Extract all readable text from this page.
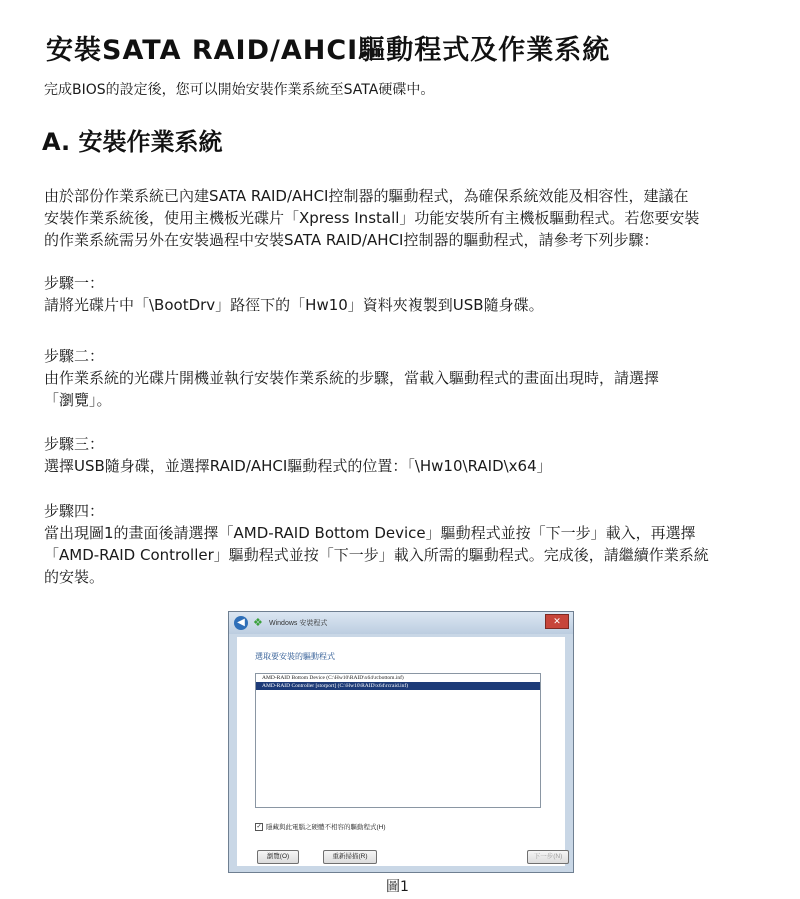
安裝SATA RAID/AHCI驅動程式及作業系統
完成BIOS的設定後，您可以開始安裝作業系統至SATA硬碟中。
A. 安裝作業系統
由於部份作業系統已內建SATA RAID/AHCI控制器的驅動程式，為確保系統效能及相容性，建議在
安裝作業系統後，使用主機板光碟片「Xpress Install」功能安裝所有主機板驅動程式。若您要安裝
的作業系統需另外在安裝過程中安裝SATA RAID/AHCI控制器的驅動程式，請參考下列步驟：
步驟一：
請將光碟片中「\BootDrv」路徑下的「Hw10」資料夾複製到USB隨身碟。
步驟二：
由作業系統的光碟片開機並執行安裝作業系統的步驟，當載入驅動程式的畫面出現時，請選擇
「瀏覽」。
步驟三：
選擇USB隨身碟，並選擇RAID/AHCI驅動程式的位置：「\Hw10\RAID\x64」
步驟四：
當出現圖1的畫面後請選擇「AMD-RAID Bottom Device」驅動程式並按「下一步」載入，再選擇
「AMD-RAID Controller」驅動程式並按「下一步」載入所需的驅動程式。完成後，請繼續作業系統
的安裝。
◀ ❖ Windows 安裝程式	✕
選取要安裝的驅動程式
AMD-RAID Bottom Device (C:\Hw10\RAID\x64\rcbottom.inf)
AMD-RAID Controller [storport] (C:\Hw10\RAID\x64\rcraid.inf)
✓ 隱藏與此電腦之硬體不相容的驅動程式(H)
瀏覽(O)	重新掃描(R)	下一步(N)
圖1
